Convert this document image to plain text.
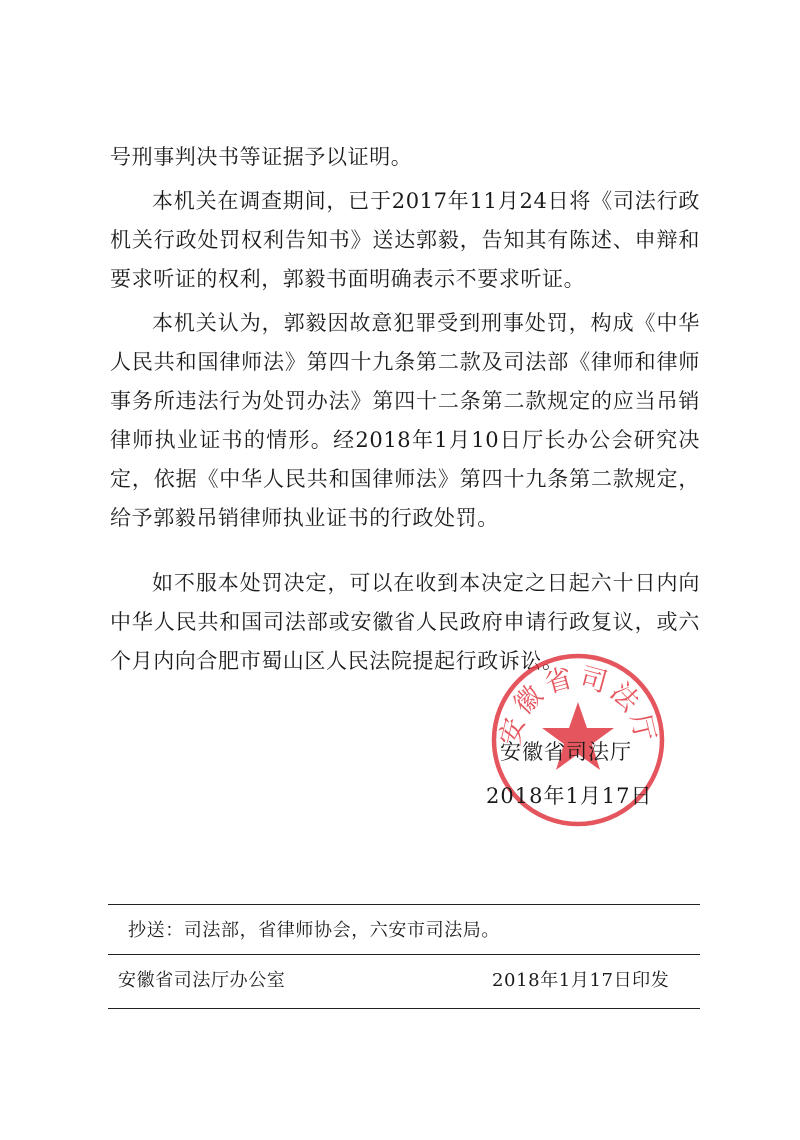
号刑事判决书等证据予以证明。

本机关在调查期间，已于2017年11月24日将《司法行政机关行政处罚权利告知书》送达郭毅，告知其有陈述、申辩和要求听证的权利，郭毅书面明确表示不要求听证。

本机关认为，郭毅因故意犯罪受到刑事处罚，构成《中华人民共和国律师法》第四十九条第二款及司法部《律师和律师事务所违法行为处罚办法》第四十二条第二款规定的应当吊销律师执业证书的情形。经2018年1月10日厅长办公会研究决定，依据《中华人民共和国律师法》第四十九条第二款规定，给予郭毅吊销律师执业证书的行政处罚。

如不服本处罚决定，可以在收到本决定之日起六十日内向中华人民共和国司法部或安徽省人民政府申请行政复议，或六个月内向合肥市蜀山区人民法院提起行政诉讼。

安徽省司法厅
安徽省司法厅
2018年1月17日
抄送：司法部，省律师协会，六安市司法局。
安徽省司法厅办公室	2018年1月17日印发
